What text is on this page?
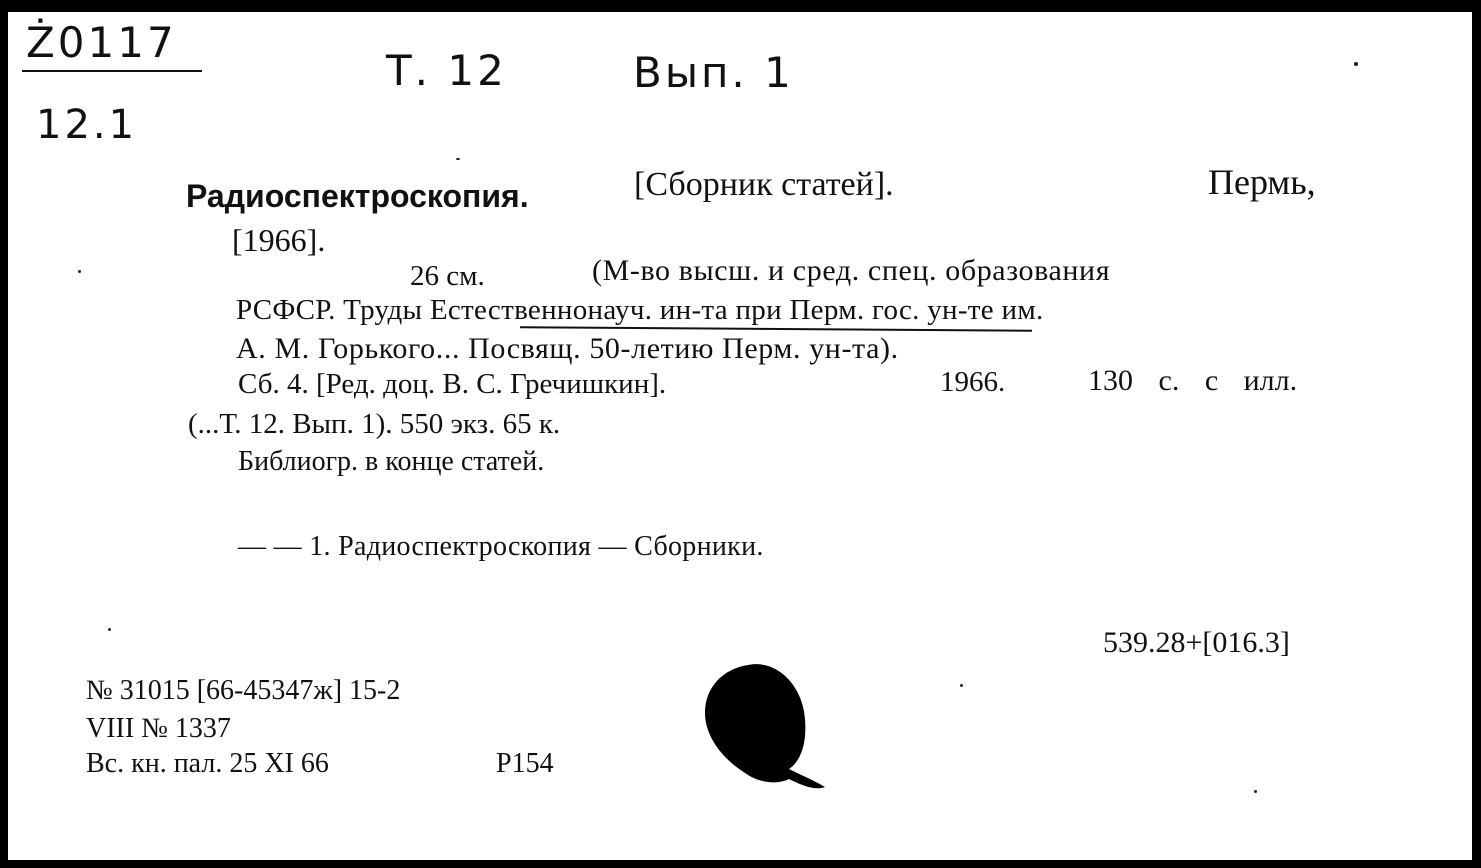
Ż0117
12.1
Т. 12	Вып. 1
Радиоспектроскопия.	[Сборник статей].	Пермь,
[1966].
26 см.	(М-во высш. и сред. спец. образования
РСФСР. Труды Естественнонауч. ин-та при Перм. гос. ун-те им.
А. М. Горького... Посвящ. 50-летию Перм. ун-та).
Сб. 4. [Ред. доц. В. С. Гречишкин].	1966.	130 с. с илл.
(...Т. 12. Вып. 1). 550 экз. 65 к.
Библиогр. в конце статей.
— — 1. Радиоспектроскопия — Сборники.
539.28+[016.3]
№ 31015 [66-45347ж] 15-2
VIII № 1337
Вс. кн. пал. 25 XI 66	Р154
